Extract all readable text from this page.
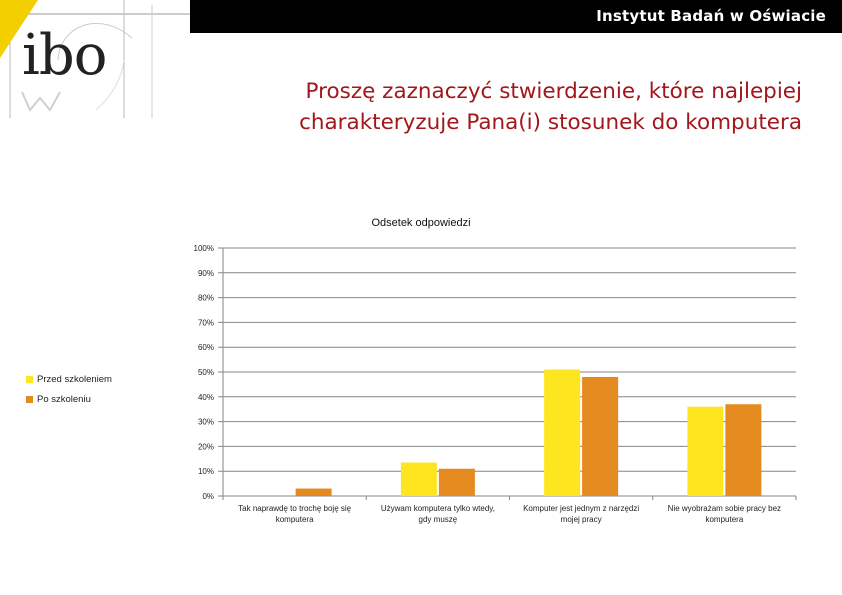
Instytut Badań w Oświacie
ibo
Proszę zaznaczyć stwierdzenie, które najlepiej
charakteryzuje Pana(i) stosunek do komputera
Odsetek odpowiedzi
0%
10%
20%
30%
40%
50%
60%
70%
80%
90%
100%
Tak naprawdę to trochę boję się
komputera
Używam komputera tylko wtedy,
gdy muszę
Komputer jest jednym z narzędzi
mojej pracy
Nie wyobrażam sobie pracy bez
komputera
Przed szkoleniem
Po szkoleniu
